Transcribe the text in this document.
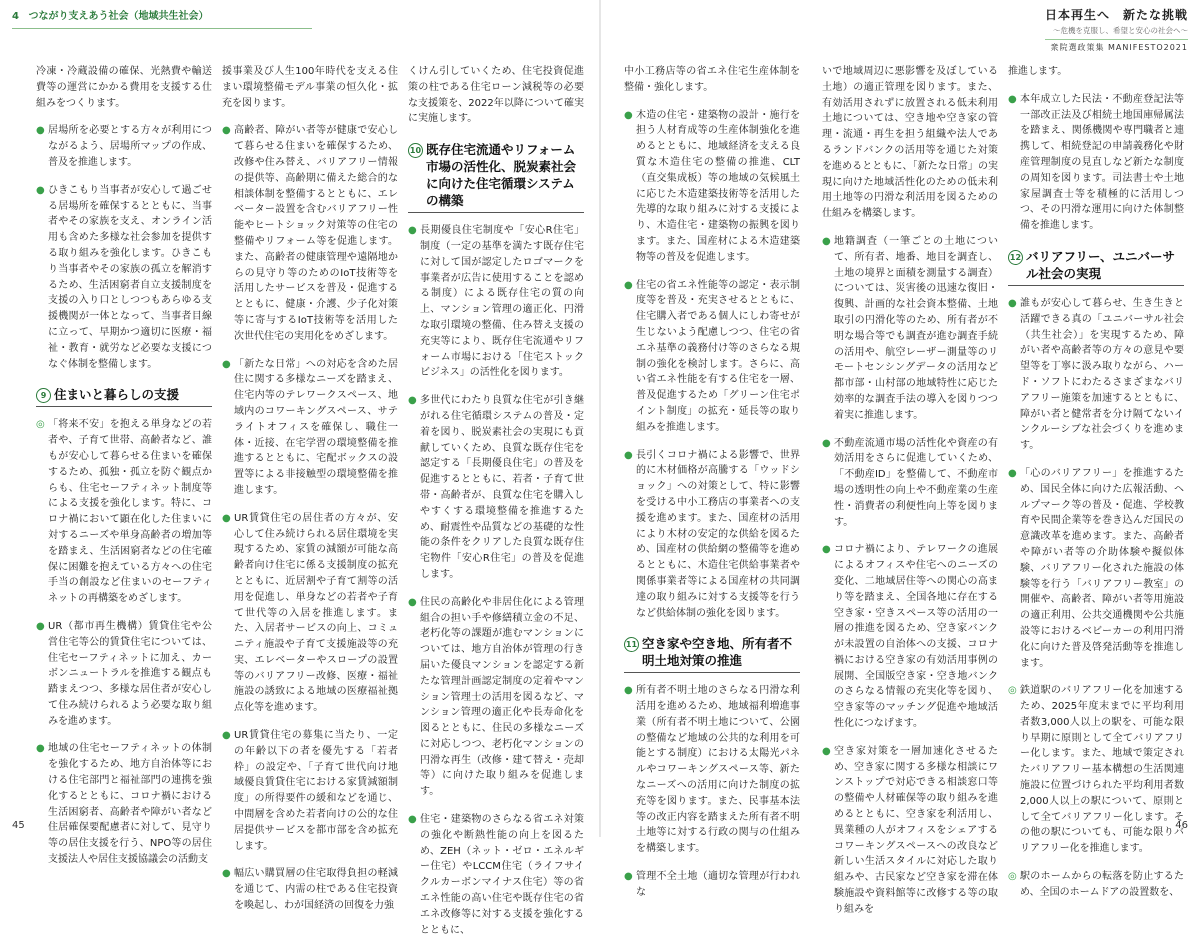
4 つながり支えあう社会（地域共生社会）

冷凍・冷蔵設備の確保、光熱費や輸送費等の運営にかかる費用を支援する仕組みをつくります。

● 居場所を必要とする方々が利用につながるよう、居場所マップの作成、普及を推進します。
● ひきこもり当事者が安心して過ごせる居場所を確保するとともに、当事者やその家族を支え、オンライン活用も含めた多様な社会参加を提供する取り組みを強化します。ひきこもり当事者やその家族の孤立を解消するため、生活困窮者自立支援制度を支援の入り口としつつもあらゆる支援機関が一体となって、当事者目線に立って、早期かつ適切に医療・福祉・教育・就労など必要な支援につなぐ体制を整備します。
9 住まいと暮らしの支援
◎ 「将来不安」を抱える単身などの若者や、子育て世帯、高齢者など、誰もが安心して暮らせる住まいを確保するため、孤独・孤立を防ぐ観点からも、住宅セーフティネット制度等による支援を強化します。特に、コロナ禍において顕在化した住まいに対するニーズや単身高齢者の増加等を踏まえ、生活困窮者などの住宅確保に困難を抱えている方々への住宅手当の創設など住まいのセーフティネットの再構築をめざします。
● UR（都市再生機構）賃貸住宅や公営住宅等公的賃貸住宅については、住宅セーフティネットに加え、カーボンニュートラルを推進する観点も踏まえつつ、多様な居住者が安心して住み続けられるよう必要な取り組みを進めます。
● 地域の住宅セーフティネットの体制を強化するため、地方自治体等における住宅部門と福祉部門の連携を強化するとともに、コロナ禍における生活困窮者、高齢者や障がい者など住居確保要配慮者に対して、見守り等の居住支援を行う、NPO等の居住支援法人や居住支援協議会の活動支

援事業及び人生100年時代を支える住まい環境整備モデル事業の恒久化・拡充を図ります。

● 高齢者、障がい者等が健康で安心して暮らせる住まいを確保するため、改修や住み替え、バリアフリー情報の提供等、高齢期に備えた総合的な相談体制を整備するとともに、エレベーター設置を含むバリアフリー性能やヒートショック対策等の住宅の整備やリフォーム等を促進します。また、高齢者の健康管理や遠隔地からの見守り等のためのIoT技術等を活用したサービスを普及・促進するとともに、健康・介護、少子化対策等に寄与するIoT技術等を活用した次世代住宅の実用化をめざします。
● 「新たな日常」への対応を含めた居住に関する多様なニーズを踏まえ、住宅内等のテレワークスペース、地域内のコワーキングスペース、サテライトオフィスを確保し、職住一体・近接、在宅学習の環境整備を推進するとともに、宅配ボックスの設置等による非接触型の環境整備を推進します。
● UR賃貸住宅の居住者の方々が、安心して住み続けられる居住環境を実現するため、家賃の減額が可能な高齢者向け住宅に係る支援制度の拡充とともに、近居割や子育て割等の活用を促進し、単身などの若者や子育て世代等の入居を推進します。また、入居者サービスの向上、コミュニティ施設や子育て支援施設等の充実、エレベーターやスロープの設置等のバリアフリー改修、医療・福祉施設の誘致による地域の医療福祉拠点化等を進めます。
● UR賃貸住宅の募集に当たり、一定の年齢以下の者を優先する「若者枠」の設定や、「子育て世代向け地域優良賃貸住宅における家賃減額制度」の所得要件の緩和などを通じ、中間層を含めた若者向けの公的な住居提供サービスを都市部を含め拡充します。
● 幅広い購買層の住宅取得負担の軽減を通じて、内需の柱である住宅投資を喚起し、わが国経済の回復を力強

くけん引していくため、住宅投資促進策の柱である住宅ローン減税等の必要な支援策を、2022年以降について確実に実施します。

10 既存住宅流通やリフォーム市場の活性化、脱炭素社会に向けた住宅循環システムの構築
● 長期優良住宅制度や「安心R住宅」制度（一定の基準を満たす既存住宅に対して国が認定したロゴマークを事業者が広告に使用することを認める制度）による既存住宅の質の向上、マンション管理の適正化、円滑な取引環境の整備、住み替え支援の充実等により、既存住宅流通やリフォーム市場における「住宅ストックビジネス」の活性化を図ります。
● 多世代にわたり良質な住宅が引き継がれる住宅循環システムの普及・定着を図り、脱炭素社会の実現にも貢献していくため、良質な既存住宅を認定する「長期優良住宅」の普及を促進するとともに、若者・子育て世帯・高齢者が、良質な住宅を購入しやすくする環境整備を推進するため、耐震性や品質などの基礎的な性能の条件をクリアした良質な既存住宅物件「安心R住宅」の普及を促進します。
● 住民の高齢化や非居住化による管理組合の担い手や修繕積立金の不足、老朽化等の課題が進むマンションについては、地方自治体が管理の行き届いた優良マンションを認定する新たな管理計画認定制度の定着やマンション管理士の活用を図るなど、マンション管理の適正化や長寿命化を図るとともに、住民の多様なニーズに対応しつつ、老朽化マンションの円滑な再生（改修・建て替え・売却等）に向けた取り組みを促進します。
● 住宅・建築物のさらなる省エネ対策の強化や断熱性能の向上を図るため、ZEH（ネット・ゼロ・エネルギー住宅）やLCCM住宅（ライフサイクルカーボンマイナス住宅）等の省エネ性能の高い住宅や既存住宅の省エネ改修等に対する支援を強化するとともに、
45
日本再生へ　新たな挑戦
〜危機を克服し、希望と安心の社会へ〜
衆院選政策集 MANIFESTO2021

中小工務店等の省エネ住宅生産体制を整備・強化します。

● 木造の住宅・建築物の設計・施行を担う人材育成等の生産体制強化を進めるとともに、地域経済を支える良質な木造住宅の整備の推進、CLT（直交集成板）等の地域の気候風土に応じた木造建築技術等を活用した先導的な取り組みに対する支援により、木造住宅・建築物の振興を図ります。また、国産材による木造建築物等の普及を促進します。
● 住宅の省エネ性能等の認定・表示制度等を普及・充実させるとともに、住宅購入者である個人にしわ寄せが生じないよう配慮しつつ、住宅の省エネ基準の義務付け等のさらなる規制の強化を検討します。さらに、高い省エネ性能を有する住宅を一層、普及促進するため「グリーン住宅ポイント制度」の拡充・延長等の取り組みを推進します。
● 長引くコロナ禍による影響で、世界的に木材価格が高騰する「ウッドショック」への対策として、特に影響を受ける中小工務店の事業者への支援を進めます。また、国産材の活用により木材の安定的な供給を図るため、国産材の供給網の整備等を進めるとともに、木造住宅供給事業者や関係事業者等による国産材の共同調達の取り組みに対する支援等を行うなど供給体制の強化を図ります。
11 空き家や空き地、所有者不明土地対策の推進
● 所有者不明土地のさらなる円滑な利活用を進めるため、地域福利増進事業（所有者不明土地について、公園の整備など地域の公共的な利用を可能とする制度）における太陽光パネルやコワーキングスペース等、新たなニーズへの活用に向けた制度の拡充等を図ります。また、民事基本法等の改正内容を踏まえた所有者不明土地等に対する行政の関与の仕組みを構築します。
● 管理不全土地（適切な管理が行われな

いで地域周辺に悪影響を及ぼしている土地）の適正管理を図ります。また、有効活用されずに放置される低未利用土地については、空き地や空き家の管理・流通・再生を担う組織や法人であるランドバンクの活用等を通じた対策を進めるとともに、「新たな日常」の実現に向けた地域活性化のための低未利用土地等の円滑な利活用を図るための仕組みを構築します。

● 地籍調査（一筆ごとの土地について、所有者、地番、地目を調査し、土地の境界と面積を測量する調査）については、災害後の迅速な復旧・復興、計画的な社会資本整備、土地取引の円滑化等のため、所有者が不明な場合等でも調査が進む調査手続の活用や、航空レーザー測量等のリモートセンシングデータの活用など都市部・山村部の地域特性に応じた効率的な調査手法の導入を図りつつ着実に推進します。
● 不動産流通市場の活性化や資産の有効活用をさらに促進していくため、「不動産ID」を整備して、不動産市場の透明性の向上や不動産業の生産性・消費者の利便性向上等を図ります。
● コロナ禍により、テレワークの進展によるオフィスや住宅へのニーズの変化、二地域居住等への関心の高まり等を踏まえ、全国各地に存在する空き家・空きスペース等の活用の一層の推進を図るため、空き家バンクが未設置の自治体への支援、コロナ禍における空き家の有効活用事例の展開、全国版空き家・空き地バンクのさらなる情報の充実化等を図り、空き家等のマッチング促進や地域活性化につなげます。
● 空き家対策を一層加速化させるため、空き家に関する多様な相談にワンストップで対応できる相談窓口等の整備や人材確保等の取り組みを進めるとともに、空き家を利活用し、異業種の人がオフィスをシェアするコワーキングスペースへの改良など新しい生活スタイルに対応した取り組みや、古民家など空き家を滞在体験施設や資料館等に改修する等の取り組みを

推進します。

● 本年成立した民法・不動産登記法等一部改正法及び相続土地国庫帰属法を踏まえ、関係機関や専門職者と連携して、相続登記の申請義務化や財産管理制度の見直しなど新たな制度の周知を図ります。司法書士や土地家屋調査士等を積極的に活用しつつ、その円滑な運用に向けた体制整備を推進します。
12 バリアフリー、ユニバーサル社会の実現
● 誰もが安心して暮らせ、生き生きと活躍できる真の「ユニバーサル社会（共生社会）」を実現するため、障がい者や高齢者等の方々の意見や要望等を丁寧に汲み取りながら、ハード・ソフトにわたるさまざまなバリアフリー施策を加速するとともに、障がい者と健常者を分け隔てないインクルーシブな社会づくりを進めます。
● 「心のバリアフリー」を推進するため、国民全体に向けた広報活動、ヘルプマーク等の普及・促進、学校教育や民間企業等を巻き込んだ国民の意識改革を進めます。また、高齢者や障がい者等の介助体験や擬似体験、バリアフリー化された施設の体験等を行う「バリアフリー教室」の開催や、高齢者、障がい者等用施設の適正利用、公共交通機関や公共施設等におけるベビーカーの利用円滑化に向けた普及啓発活動等を推進します。
◎ 鉄道駅のバリアフリー化を加速するため、2025年度末までに平均利用者数3,000人以上の駅を、可能な限り早期に原則として全てバリアフリー化します。また、地域で策定されたバリアフリー基本構想の生活関連施設に位置づけられた平均利用者数2,000人以上の駅について、原則として全てバリアフリー化します。その他の駅についても、可能な限りバリアフリー化を推進します。
◎ 駅のホームからの転落を防止するため、全国のホームドアの設置数を、
46
